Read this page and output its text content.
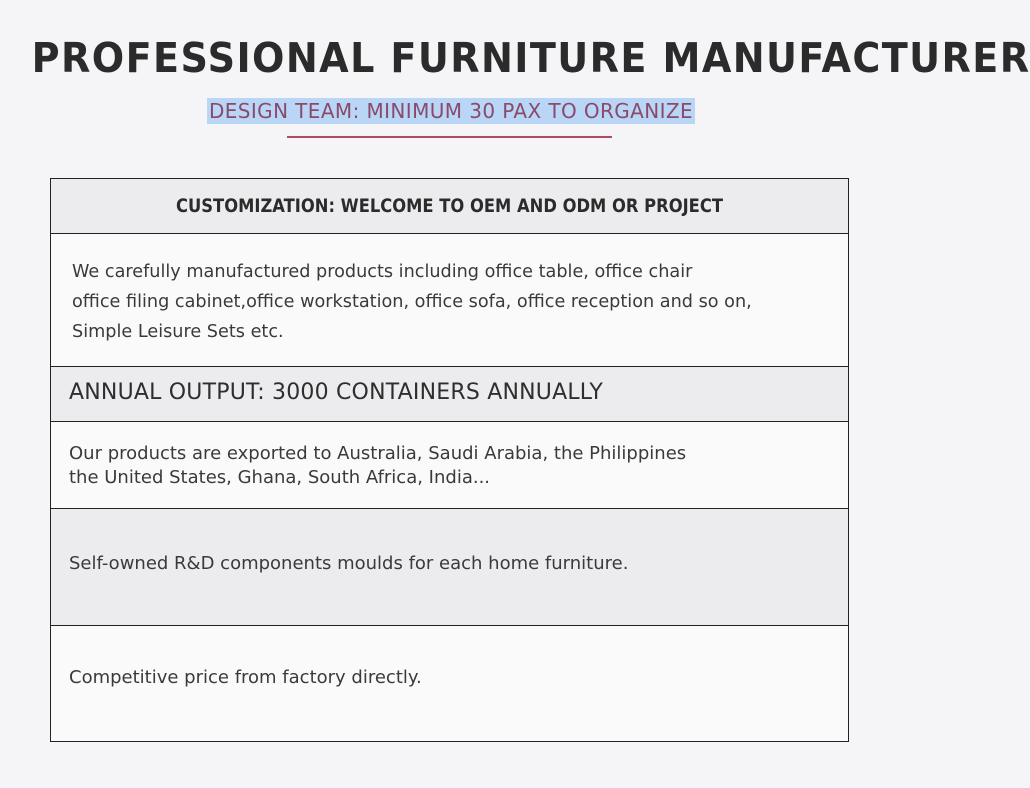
PROFESSIONAL FURNITURE MANUFACTURER
DESIGN TEAM: MINIMUM 30 PAX TO ORGANIZE
CUSTOMIZATION: WELCOME TO OEM AND ODM OR PROJECT
We carefully manufactured products including office table, office chair
office filing cabinet,office workstation, office sofa, office reception and so on,
Simple Leisure Sets etc.
ANNUAL OUTPUT: 3000 CONTAINERS ANNUALLY
Our products are exported to Australia, Saudi Arabia, the Philippines
the United States, Ghana, South Africa, India...
Self-owned R&D components moulds for each home furniture.
Competitive price from factory directly.
